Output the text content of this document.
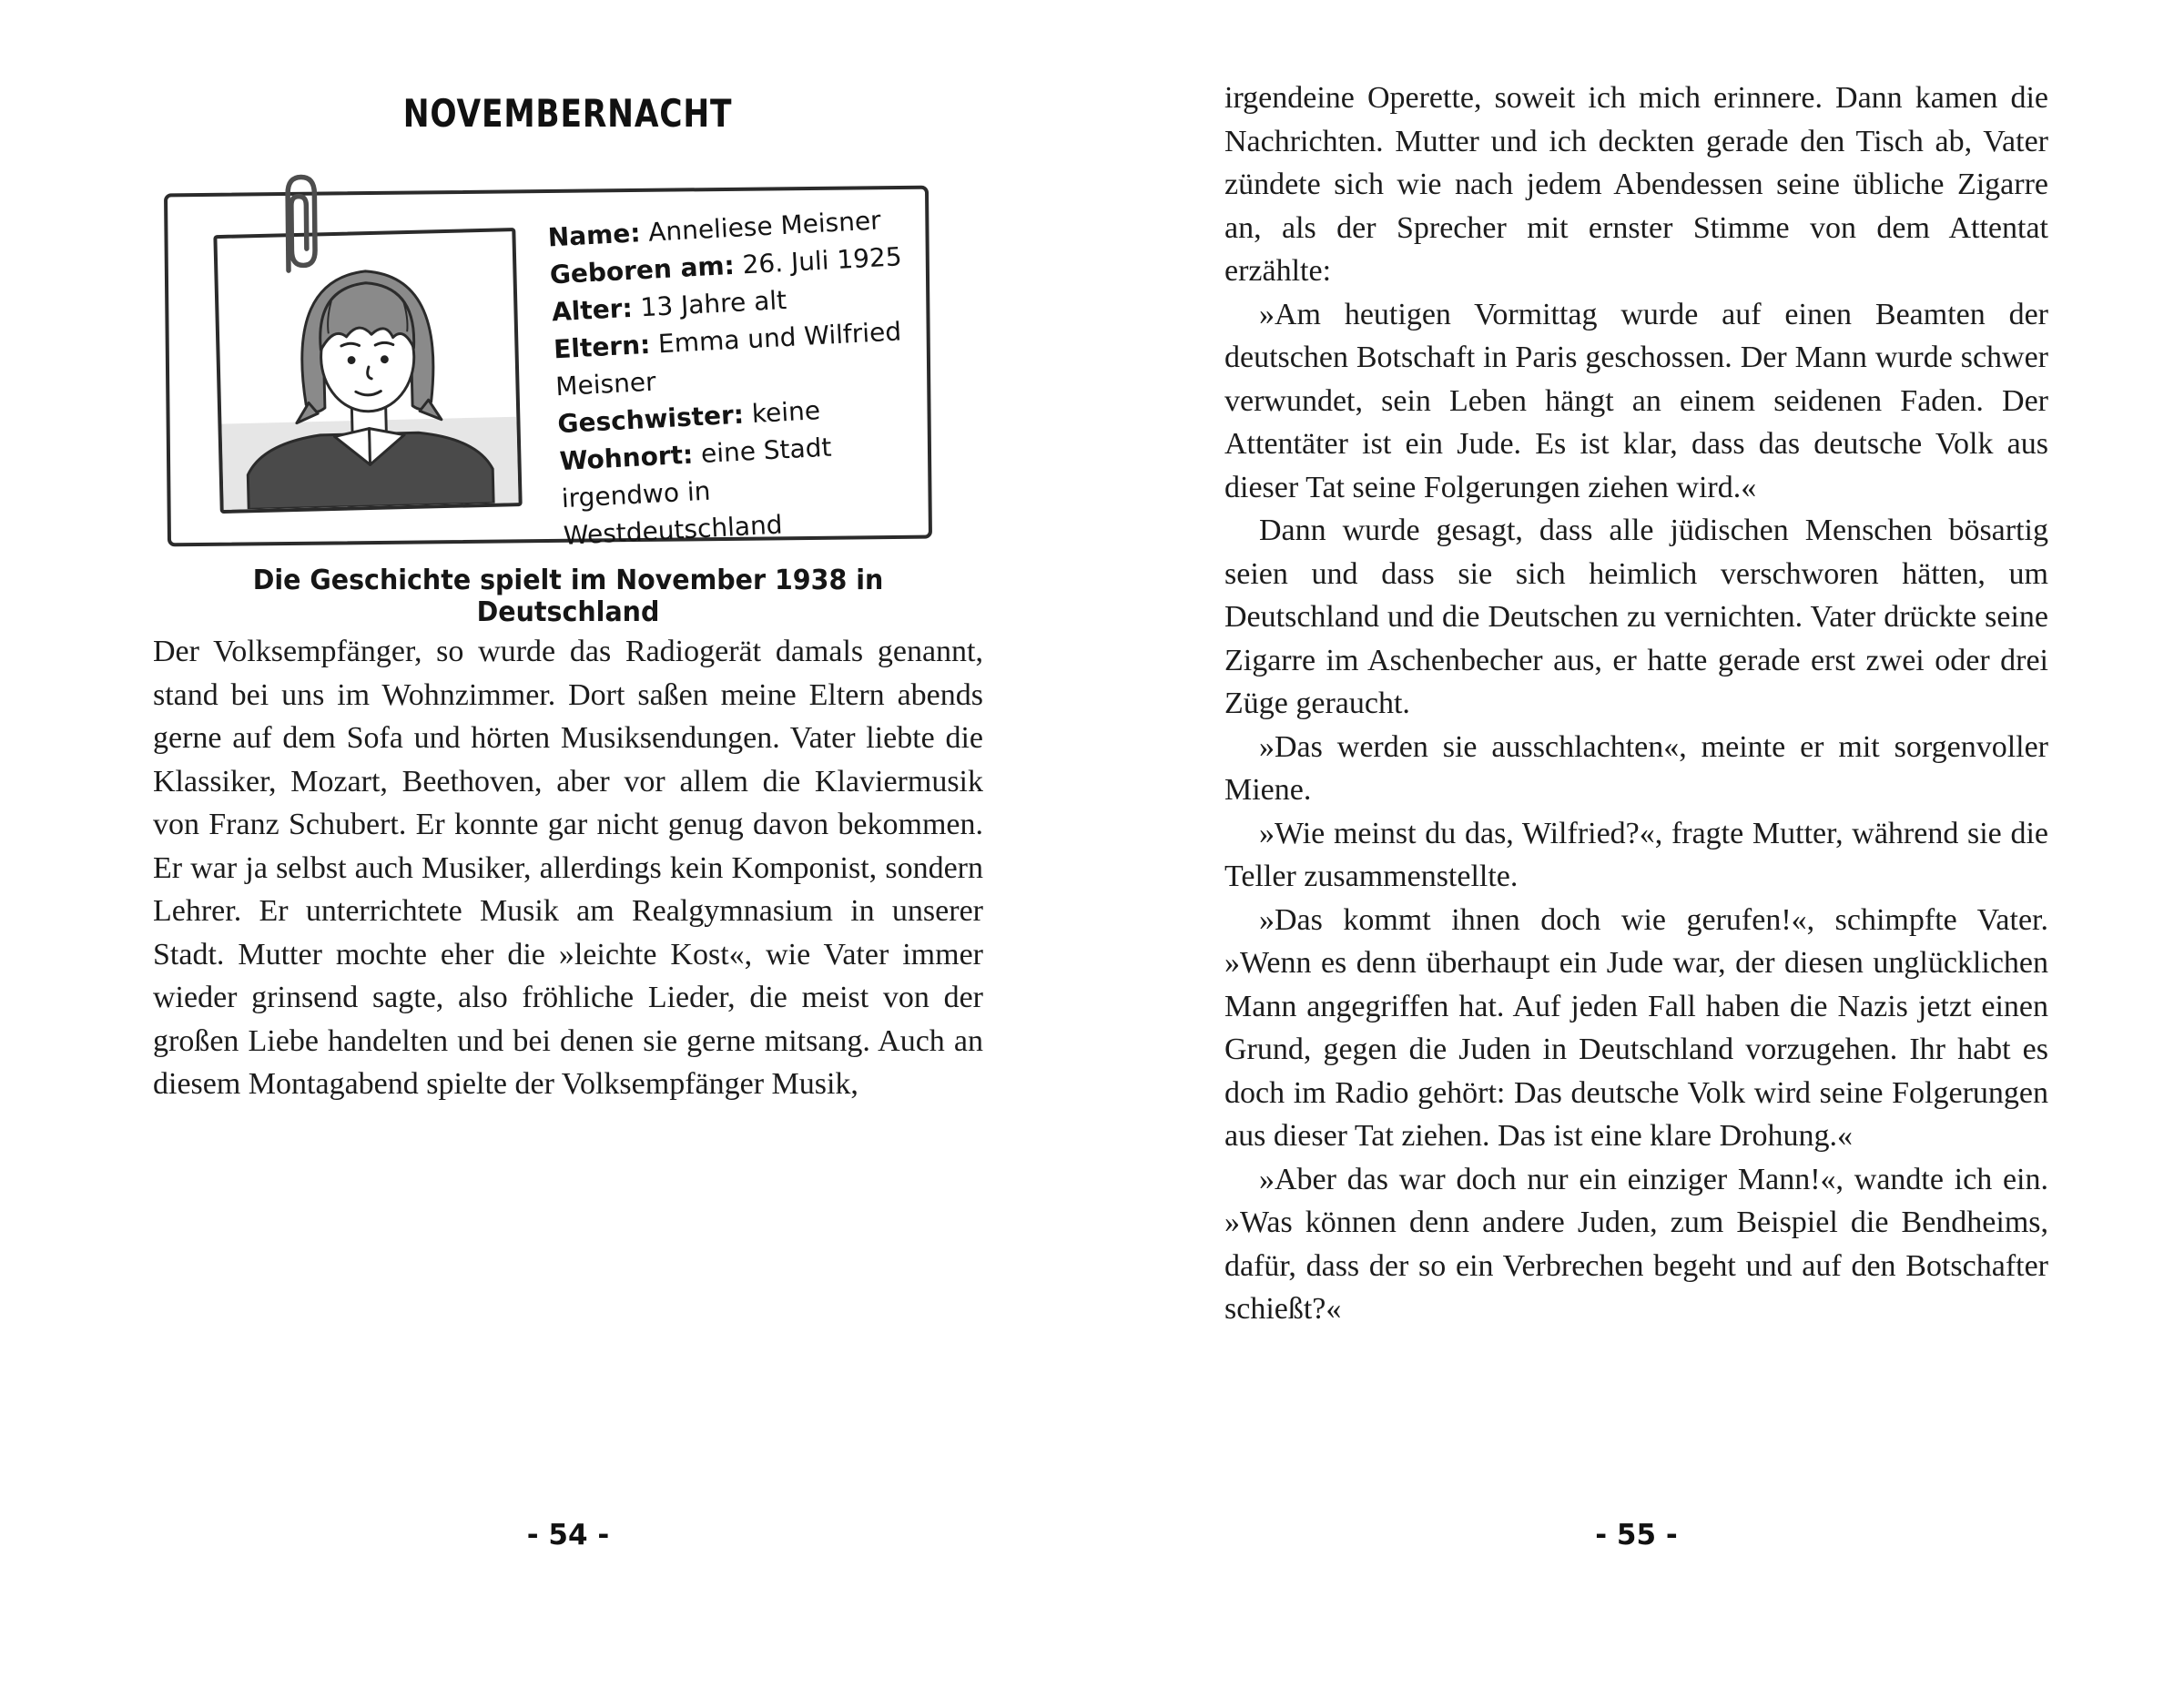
NOVEMBERNACHT

Name: Anneliese Meisner

Geboren am: 26. Juli 1925

Alter: 13 Jahre alt

Eltern: Emma und Wilfried Meisner

Geschwister: keine

Wohnort: eine Stadt irgendwo in Westdeutschland

Die Geschichte spielt im November 1938 in Deutschland

Der Volksempfänger, so wurde das Radiogerät damals genannt, stand bei uns im Wohnzimmer. Dort saßen meine Eltern abends gerne auf dem Sofa und hörten Musiksendungen. Vater liebte die Klassiker, Mozart, Beethoven, aber vor allem die Klaviermusik von Franz Schubert. Er konnte gar nicht genug davon bekommen. Er war ja selbst auch Musiker, allerdings kein Komponist, sondern Lehrer. Er unterrichtete Musik am Realgymnasium in unserer Stadt. Mutter mochte eher die »leichte Kost«, wie Vater immer wieder grinsend sagte, also fröhliche Lieder, die meist von der großen Liebe handelten und bei denen sie gerne mitsang. Auch an diesem Montagabend spielte der Volksempfänger Musik,

- 54 -

irgendeine Operette, soweit ich mich erinnere. Dann kamen die Nachrichten. Mutter und ich deckten gerade den Tisch ab, Vater zündete sich wie nach jedem Abendessen seine übliche Zigarre an, als der Sprecher mit ernster Stimme von dem Attentat erzählte:

»Am heutigen Vormittag wurde auf einen Beamten der deutschen Botschaft in Paris geschossen. Der Mann wurde schwer verwundet, sein Leben hängt an einem seidenen Faden. Der Attentäter ist ein Jude. Es ist klar, dass das deutsche Volk aus dieser Tat seine Folgerungen ziehen wird.«

Dann wurde gesagt, dass alle jüdischen Menschen bösartig seien und dass sie sich heimlich verschworen hätten, um Deutschland und die Deutschen zu vernichten. Vater drückte seine Zigarre im Aschenbecher aus, er hatte gerade erst zwei oder drei Züge geraucht.

»Das werden sie ausschlachten«, meinte er mit sorgenvoller Miene.

»Wie meinst du das, Wilfried?«, fragte Mutter, während sie die Teller zusammenstellte.

»Das kommt ihnen doch wie gerufen!«, schimpfte Vater. »Wenn es denn überhaupt ein Jude war, der diesen unglücklichen Mann angegriffen hat. Auf jeden Fall haben die Nazis jetzt einen Grund, gegen die Juden in Deutschland vorzugehen. Ihr habt es doch im Radio gehört: Das deutsche Volk wird seine Folgerungen aus dieser Tat ziehen. Das ist eine klare Drohung.«

»Aber das war doch nur ein einziger Mann!«, wandte ich ein. »Was können denn andere Juden, zum Beispiel die Bendheims, dafür, dass der so ein Verbrechen begeht und auf den Botschafter schießt?«

- 55 -
